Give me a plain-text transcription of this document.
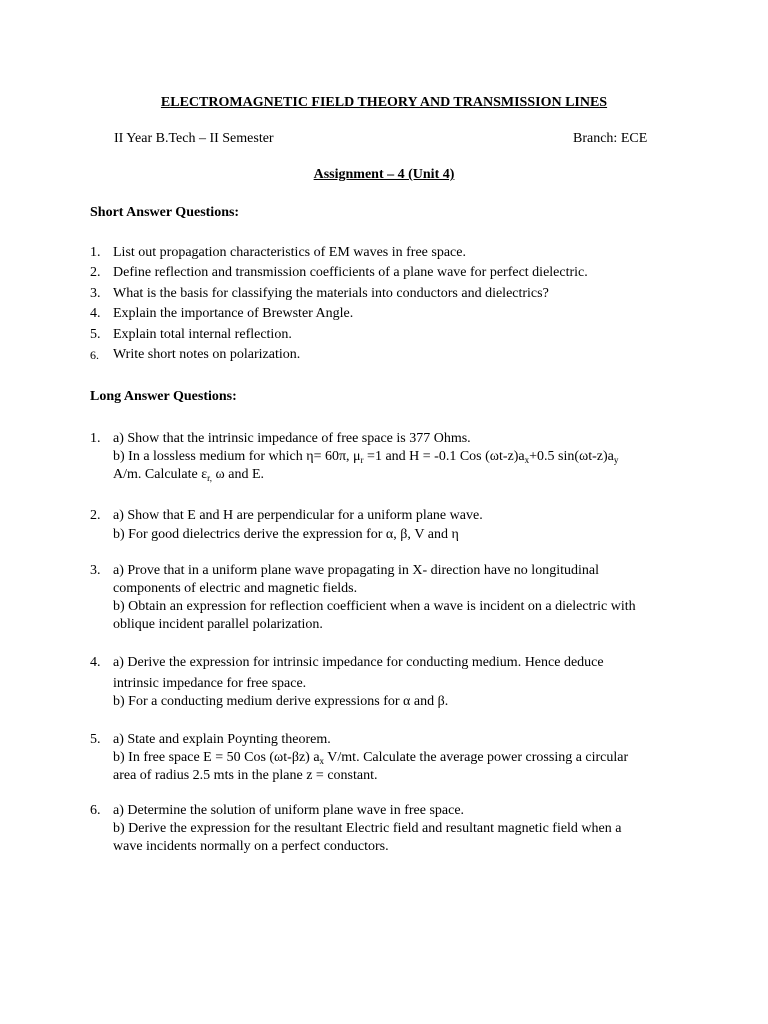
ELECTROMAGNETIC FIELD THEORY AND TRANSMISSION LINES
II Year B.Tech – II Semester	Branch: ECE
Assignment – 4 (Unit 4)
Short Answer Questions:
1. List out propagation characteristics of EM waves in free space.
2. Define reflection and transmission coefficients of a plane wave for perfect dielectric.
3. What is the basis for classifying the materials into conductors and dielectrics?
4. Explain the importance of Brewster Angle.
5. Explain total internal reflection.
6. Write short notes on polarization.
Long Answer Questions:
1. a) Show that the intrinsic impedance of free space is 377 Ohms.
b) In a lossless medium for which η= 60π, $\mu_r =1$ and H = -0.1 Cos $(\omega t-z)a_x+0.5$ $\sin(\omega t-z)a_y$
A/m. Calculate $\varepsilon_{r,}$ ω and E.
2. a) Show that E and H are perpendicular for a uniform plane wave.
b) For good dielectrics derive the expression for α, β, V and η
3. a) Prove that in a uniform plane wave propagating in X- direction have no longitudinal
components of electric and magnetic fields.
b) Obtain an expression for reflection coefficient when a wave is incident on a dielectric with
oblique incident parallel polarization.
4. a) Derive the expression for intrinsic impedance for conducting medium. Hence deduce
intrinsic impedance for free space.
b) For a conducting medium derive expressions for α and β.
5. a) State and explain Poynting theorem.
b) In free space E = 50 Cos (ωt-βz) $a_x$ V/mt. Calculate the average power crossing a circular
area of radius 2.5 mts in the plane z = constant.
6. a) Determine the solution of uniform plane wave in free space.
b) Derive the expression for the resultant Electric field and resultant magnetic field when a
wave incidents normally on a perfect conductors.
